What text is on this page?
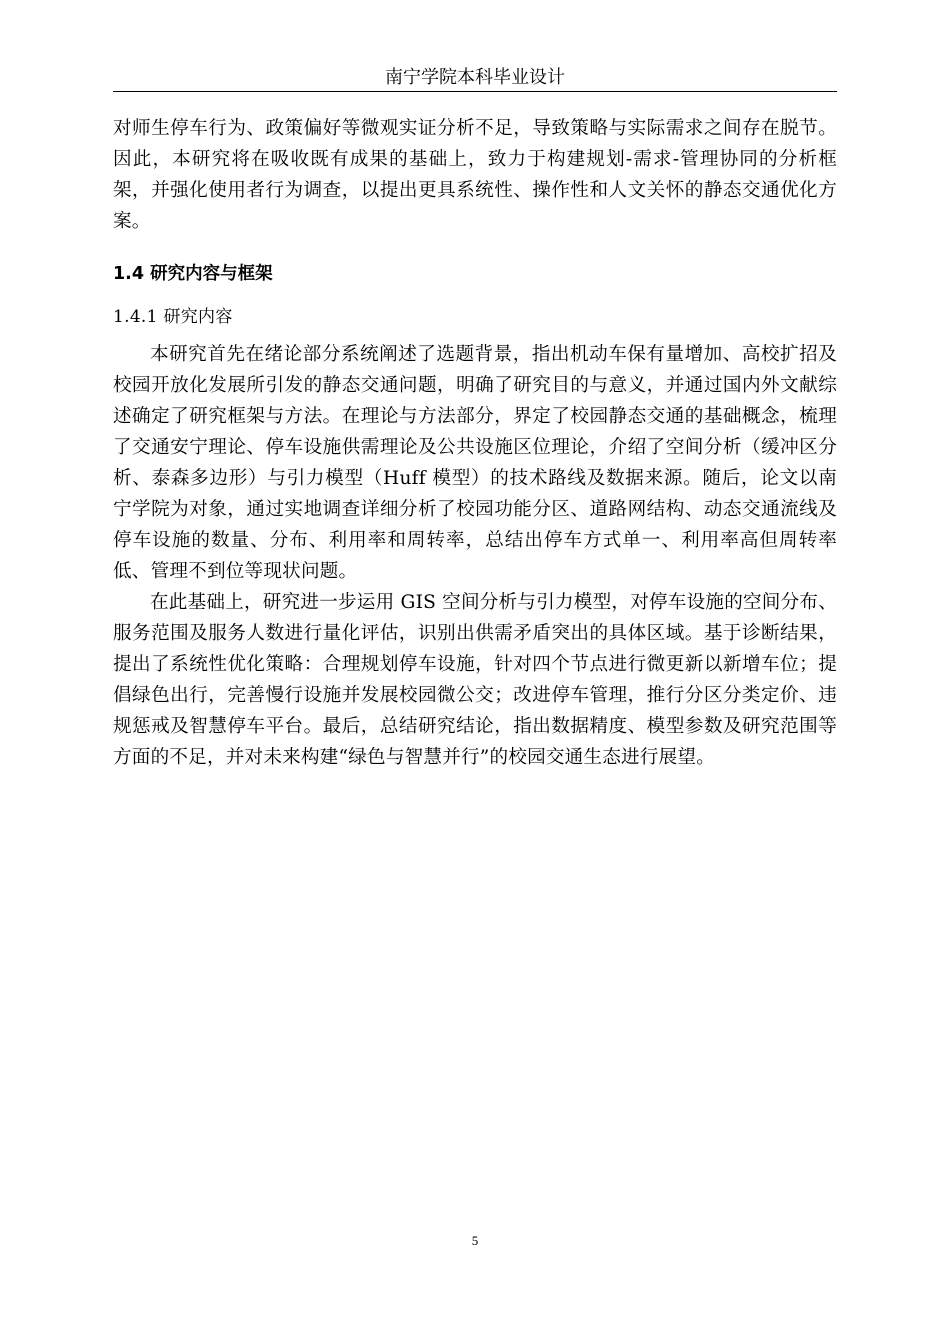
南宁学院本科毕业设计

对师生停车行为、政策偏好等微观实证分析不足，导致策略与实际需求之间存在脱节。因此，本研究将在吸收既有成果的基础上，致力于构建规划-需求-管理协同的分析框架，并强化使用者行为调查，以提出更具系统性、操作性和人文关怀的静态交通优化方案。

1.4 研究内容与框架
1.4.1 研究内容

本研究首先在绪论部分系统阐述了选题背景，指出机动车保有量增加、高校扩招及校园开放化发展所引发的静态交通问题，明确了研究目的与意义，并通过国内外文献综述确定了研究框架与方法。在理论与方法部分，界定了校园静态交通的基础概念，梳理了交通安宁理论、停车设施供需理论及公共设施区位理论，介绍了空间分析（缓冲区分析、泰森多边形）与引力模型（Huff 模型）的技术路线及数据来源。随后，论文以南宁学院为对象，通过实地调查详细分析了校园功能分区、道路网结构、动态交通流线及停车设施的数量、分布、利用率和周转率，总结出停车方式单一、利用率高但周转率低、管理不到位等现状问题。

在此基础上，研究进一步运用 GIS 空间分析与引力模型，对停车设施的空间分布、服务范围及服务人数进行量化评估，识别出供需矛盾突出的具体区域。基于诊断结果，提出了系统性优化策略：合理规划停车设施，针对四个节点进行微更新以新增车位；提倡绿色出行，完善慢行设施并发展校园微公交；改进停车管理，推行分区分类定价、违规惩戒及智慧停车平台。最后，总结研究结论，指出数据精度、模型参数及研究范围等方面的不足，并对未来构建“绿色与智慧并行”的校园交通生态进行展望。

5
